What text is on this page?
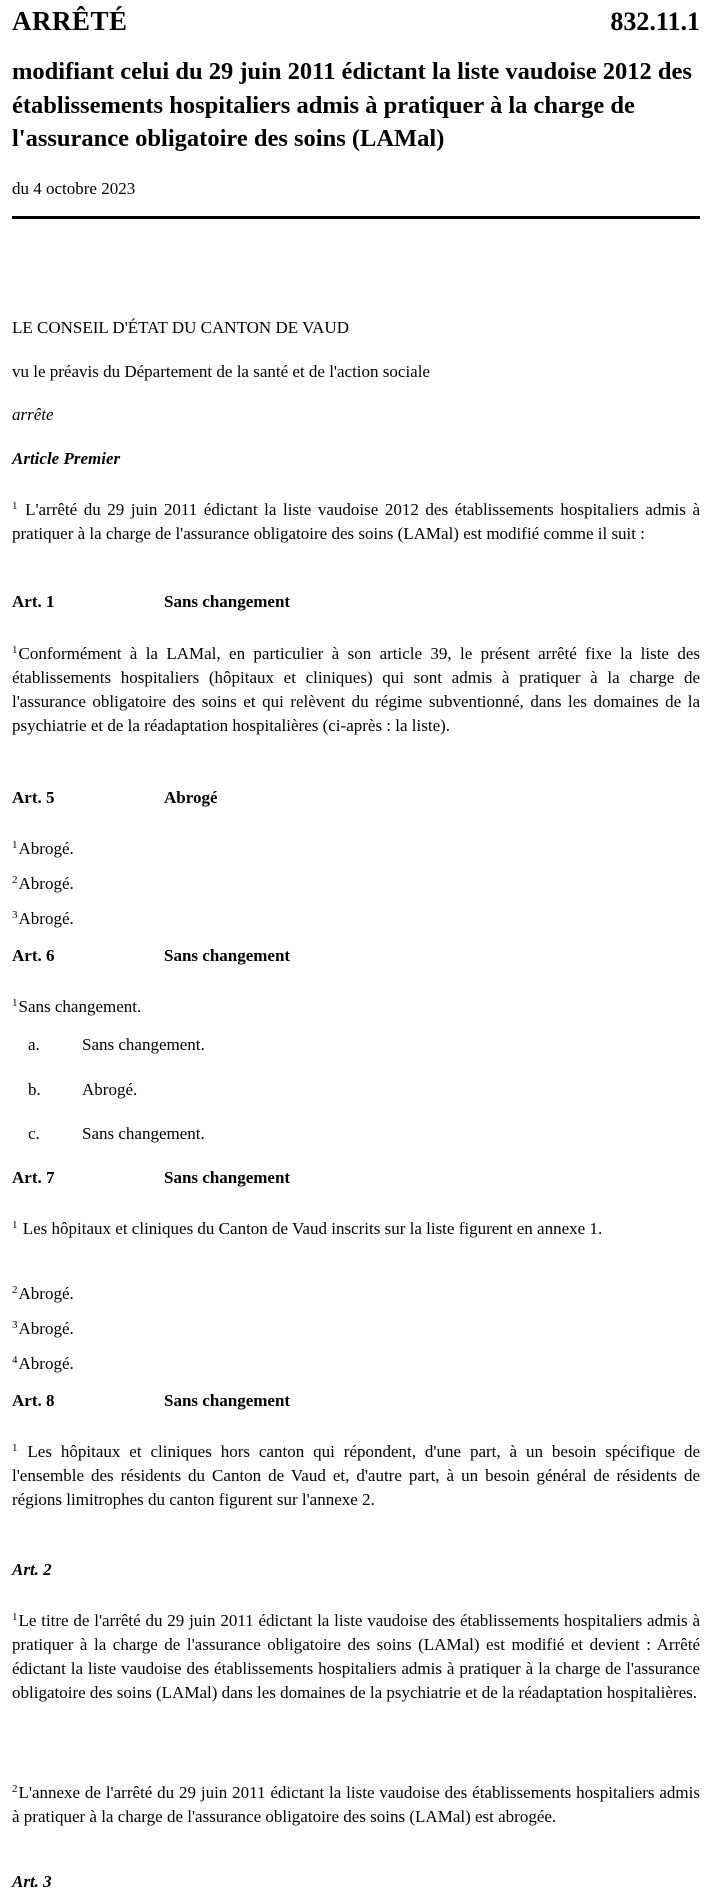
ARRÊTÉ	832.11.1
modifiant celui du 29 juin 2011 édictant la liste vaudoise 2012 des établissements hospitaliers admis à pratiquer à la charge de l'assurance obligatoire des soins (LAMal)
du 4 octobre 2023
LE CONSEIL D'ÉTAT DU CANTON DE VAUD
vu le préavis du Département de la santé et de l'action sociale
arrête
Article Premier
$^1$ L'arrêté du 29 juin 2011 édictant la liste vaudoise 2012 des établissements hospitaliers admis à pratiquer à la charge de l'assurance obligatoire des soins (LAMal) est modifié comme il suit :
Art. 1	Sans changement
$^1$Conformément à la LAMal, en particulier à son article 39, le présent arrêté fixe la liste des établissements hospitaliers (hôpitaux et cliniques) qui sont admis à pratiquer à la charge de l'assurance obligatoire des soins et qui relèvent du régime subventionné, dans les domaines de la psychiatrie et de la réadaptation hospitalières (ci-après : la liste).
Art. 5	Abrogé
$^1$Abrogé.
$^2$Abrogé.
$^3$Abrogé.
Art. 6	Sans changement
$^1$Sans changement.
a.	Sans changement.
b.	Abrogé.
c.	Sans changement.
Art. 7	Sans changement
$^1$ Les hôpitaux et cliniques du Canton de Vaud inscrits sur la liste figurent en annexe 1.
$^2$Abrogé.
$^3$Abrogé.
$^4$Abrogé.
Art. 8	Sans changement
$^1$ Les hôpitaux et cliniques hors canton qui répondent, d'une part, à un besoin spécifique de l'ensemble des résidents du Canton de Vaud et, d'autre part, à un besoin général de résidents de régions limitrophes du canton figurent sur l'annexe 2.
Art. 2
$^1$Le titre de l'arrêté du 29 juin 2011 édictant la liste vaudoise des établissements hospitaliers admis à pratiquer à la charge de l'assurance obligatoire des soins (LAMal) est modifié et devient : Arrêté édictant la liste vaudoise des établissements hospitaliers admis à pratiquer à la charge de l'assurance obligatoire des soins (LAMal) dans les domaines de la psychiatrie et de la réadaptation hospitalières.
$^2$L'annexe de l'arrêté du 29 juin 2011 édictant la liste vaudoise des établissements hospitaliers admis à pratiquer à la charge de l'assurance obligatoire des soins (LAMal) est abrogée.
Art. 3
